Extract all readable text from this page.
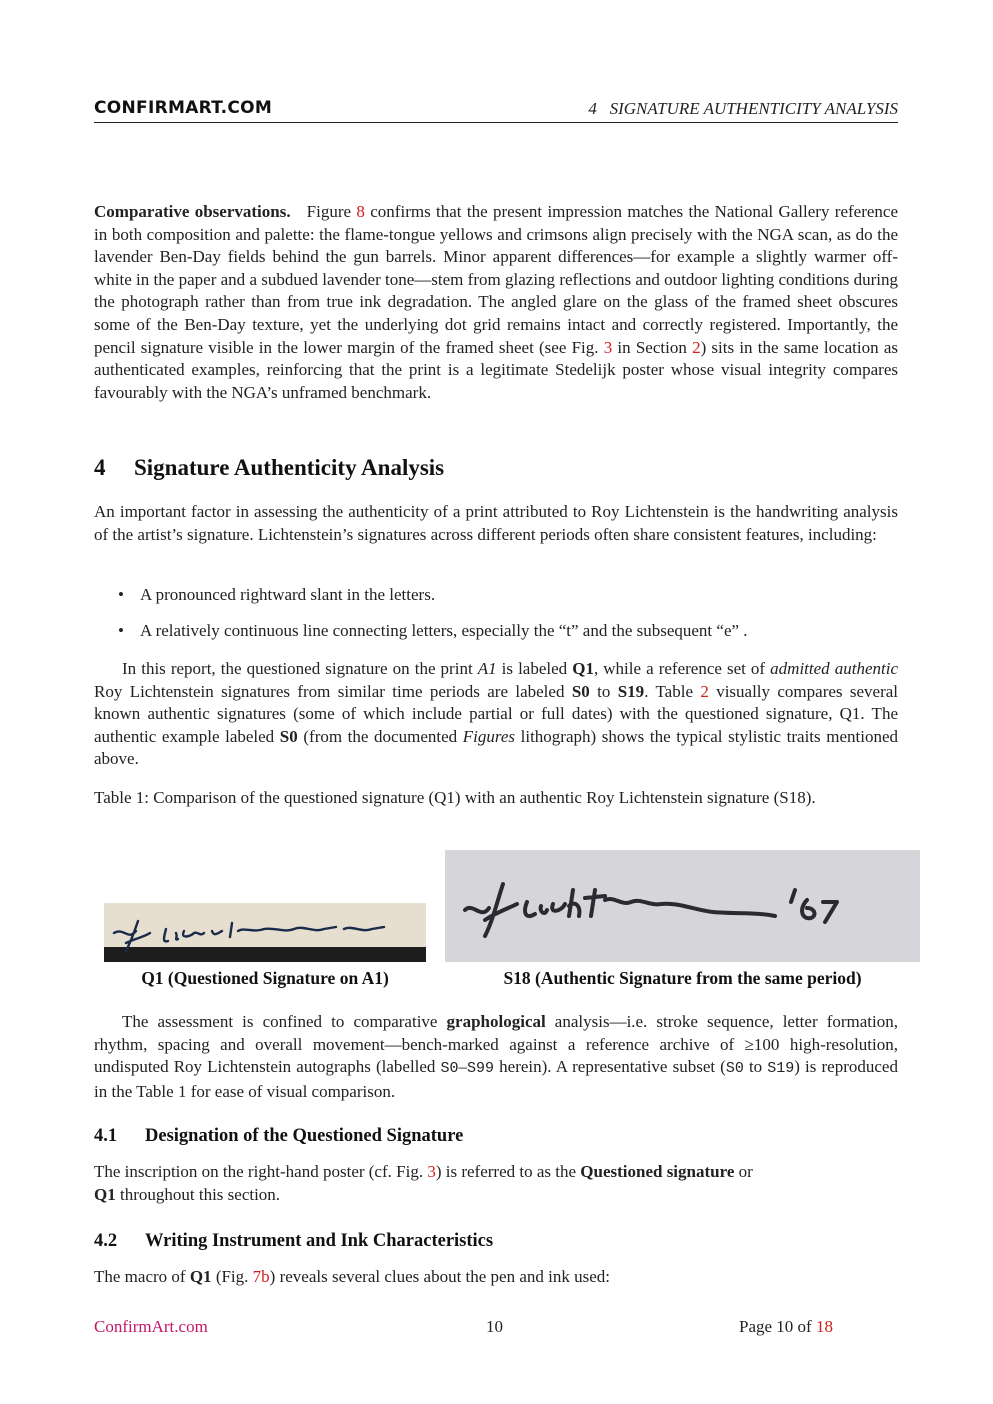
CONFIRMART.COM	4   SIGNATURE AUTHENTICITY ANALYSIS
Comparative observations. Figure 8 confirms that the present impression matches the National Gallery reference in both composition and palette: the flame-tongue yellows and crimsons align precisely with the NGA scan, as do the lavender Ben-Day fields behind the gun barrels. Minor apparent differences—for example a slightly warmer off-white in the paper and a subdued lavender tone—stem from glazing reflections and outdoor lighting conditions during the photograph rather than from true ink degradation. The angled glare on the glass of the framed sheet obscures some of the Ben-Day texture, yet the underlying dot grid remains intact and correctly registered. Importantly, the pencil signature visible in the lower margin of the framed sheet (see Fig. 3 in Section 2) sits in the same location as authenticated examples, reinforcing that the print is a legitimate Stedelijk poster whose visual integrity compares favourably with the NGA’s unframed benchmark.
4 Signature Authenticity Analysis
An important factor in assessing the authenticity of a print attributed to Roy Lichtenstein is the handwriting analysis of the artist’s signature. Lichtenstein’s signatures across different periods often share consistent features, including:
• A pronounced rightward slant in the letters.
• A relatively continuous line connecting letters, especially the “t” and the subsequent “e” .
In this report, the questioned signature on the print A1 is labeled Q1, while a reference set of admitted authentic Roy Lichtenstein signatures from similar time periods are labeled S0 to S19. Table 2 visually compares several known authentic signatures (some of which include partial or full dates) with the questioned signature, Q1. The authentic example labeled S0 (from the documented Figures lithograph) shows the typical stylistic traits mentioned above.
Table 1: Comparison of the questioned signature (Q1) with an authentic Roy Lichtenstein signature (S18).
Q1 (Questioned Signature on A1)	S18 (Authentic Signature from the same period)
The assessment is confined to comparative graphological analysis—i.e. stroke sequence, letter formation, rhythm, spacing and overall movement—bench-marked against a reference archive of ≥100 high-resolution, undisputed Roy Lichtenstein autographs (labelled S0–S99 herein). A representative subset (S0 to S19) is reproduced in the Table 1 for ease of visual comparison.
4.1 Designation of the Questioned Signature
The inscription on the right-hand poster (cf. Fig. 3) is referred to as the Questioned signature or
Q1 throughout this section.
4.2 Writing Instrument and Ink Characteristics
The macro of Q1 (Fig. 7b) reveals several clues about the pen and ink used:
ConfirmArt.com	10	Page 10 of 18
